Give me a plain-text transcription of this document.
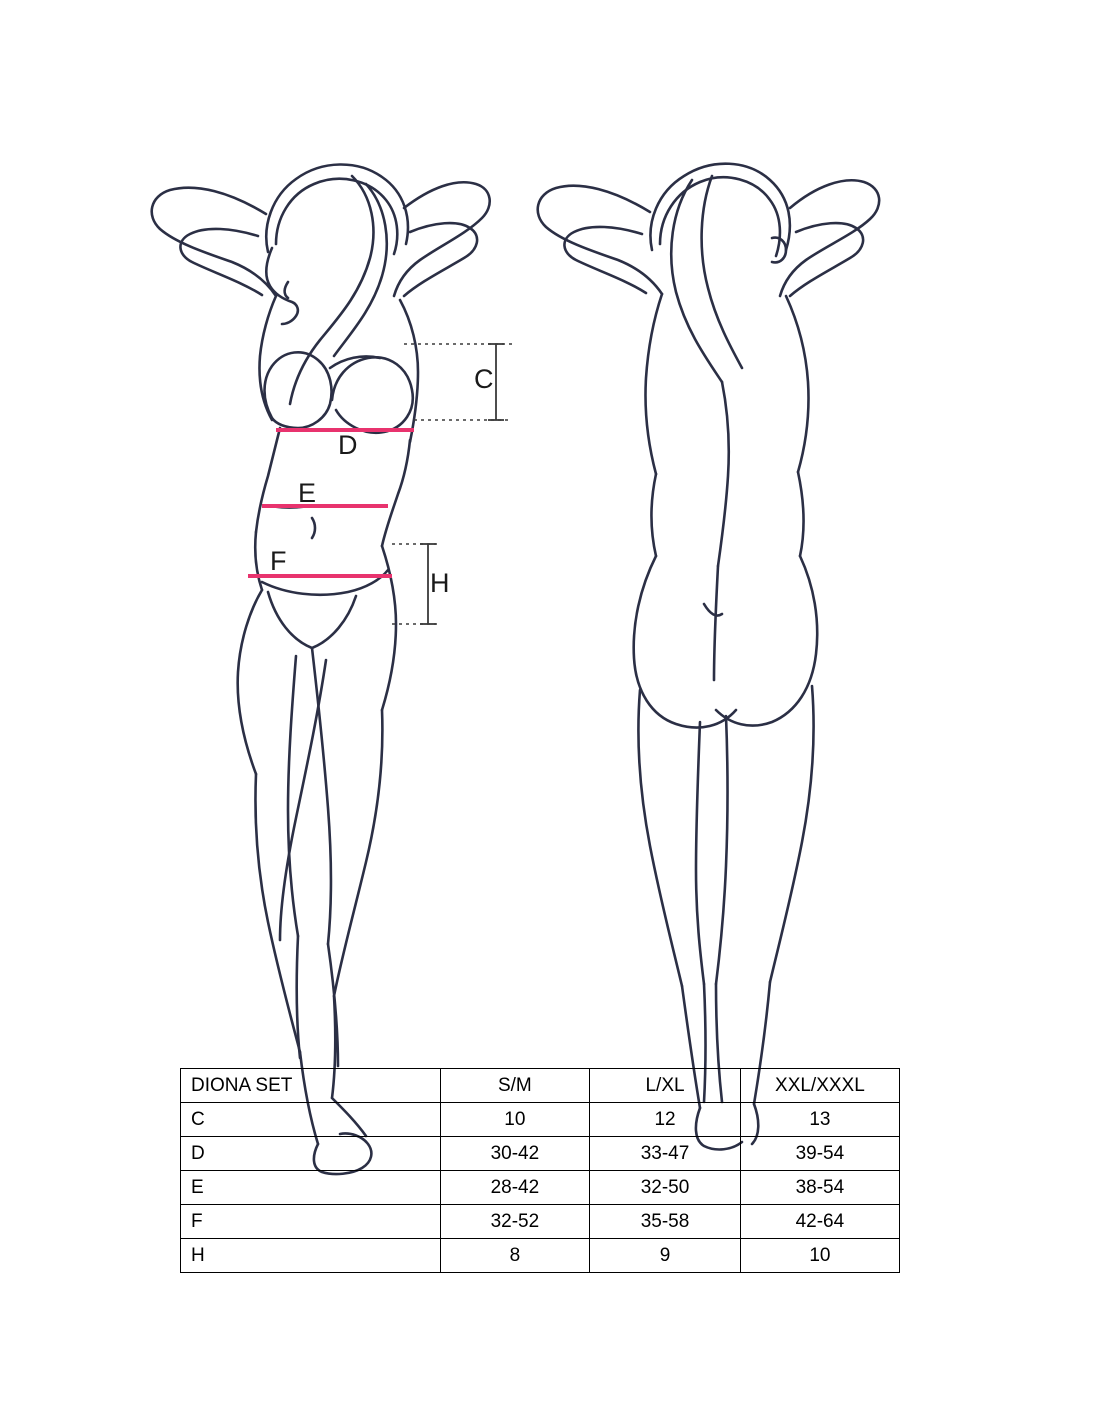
C
D
E
F
H
DIONA SET	S/M	L/XL	XXL/XXXL
C	10	12	13
D	30-42	33-47	39-54
E	28-42	32-50	38-54
F	32-52	35-58	42-64
H	8	9	10
